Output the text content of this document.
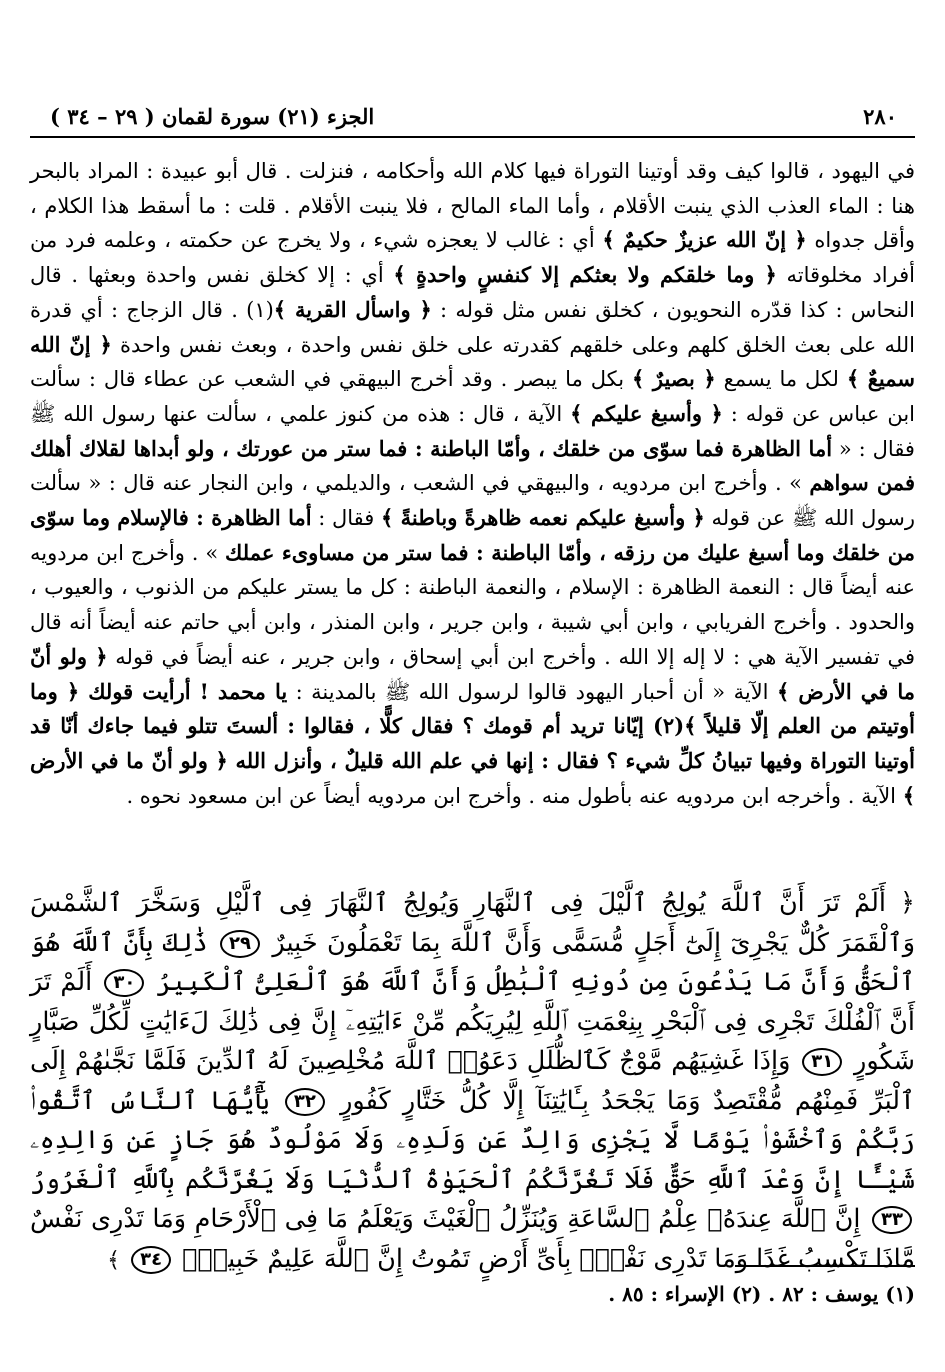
٢٨٠
الجزء (٢١) سورة لقمان ( ٢٩ – ٣٤ )

في اليهود ، قالوا كيف وقد أوتينا التوراة فيها كلام الله وأحكامه ، فنزلت . قال أبو عبيدة : المراد بالبحر هنا : الماء العذب الذي ينبت الأقلام ، وأما الماء المالح ، فلا ينبت الأقلام . قلت : ما أسقط هذا الكلام ، وأقل جدواه ﴿ إنّ الله عزيزٌ حكيمٌ ﴾ أي : غالب لا يعجزه شيء ، ولا يخرج عن حكمته ، وعلمه فرد من أفراد مخلوقاته ﴿ وما خلقكم ولا بعثكم إلا كنفسٍ واحدةٍ ﴾ أي : إلا كخلق نفس واحدة وبعثها . قال النحاس : كذا قدّره النحويون ، كخلق نفس مثل قوله : ﴿ واسأل القرية ﴾(١) . قال الزجاج : أي قدرة الله على بعث الخلق كلهم وعلى خلقهم كقدرته على خلق نفس واحدة ، وبعث نفس واحدة ﴿ إنّ الله سميعٌ ﴾ لكل ما يسمع ﴿ بصيرٌ ﴾ بكل ما يبصر . وقد أخرج البيهقي في الشعب عن عطاء قال : سألت ابن عباس عن قوله : ﴿ وأسبغ عليكم ﴾ الآية ، قال : هذه من كنوز علمي ، سألت عنها رسول الله ﷺ فقال : « أما الظاهرة فما سوّى من خلقك ، وأمّا الباطنة : فما ستر من عورتك ، ولو أبداها لقلاك أهلك فمن سواهم » . وأخرج ابن مردويه ، والبيهقي في الشعب ، والديلمي ، وابن النجار عنه قال : « سألت رسول الله ﷺ عن قوله ﴿ وأسبغ عليكم نعمه ظاهرةً وباطنةً ﴾ فقال : أما الظاهرة : فالإسلام وما سوّى من خلقك وما أسبغ عليك من رزقه ، وأمّا الباطنة : فما ستر من مساوىء عملك » . وأخرج ابن مردويه عنه أيضاً قال : النعمة الظاهرة : الإسلام ، والنعمة الباطنة : كل ما يستر عليكم من الذنوب ، والعيوب ، والحدود . وأخرج الفريابي ، وابن أبي شيبة ، وابن جرير ، وابن المنذر ، وابن أبي حاتم عنه أيضاً أنه قال في تفسير الآية هي : لا إله إلا الله . وأخرج ابن أبي إسحاق ، وابن جرير ، عنه أيضاً في قوله ﴿ ولو أنّ ما في الأرض ﴾ الآية « أن أحبار اليهود قالوا لرسول الله ﷺ بالمدينة : يا محمد ! أرأيت قولك ﴿ وما أوتيتم من العلم إلّا قليلاً ﴾(٢) إيّانا تريد أم قومك ؟ فقال كلًّا ، فقالوا : ألستَ تتلو فيما جاءك أنّا قد أوتينا التوراة وفيها تبيانُ كلِّ شيء ؟ فقال : إنها في علم الله قليلٌ ، وأنزل الله ﴿ ولو أنّ ما في الأرض ﴾ الآية . وأخرجه ابن مردويه عنه بأطول منه . وأخرج ابن مردويه أيضاً عن ابن مسعود نحوه .

﴿ أَلَمْ تَرَ أَنَّ ٱللَّهَ يُولِجُ ٱلَّيْلَ فِى ٱلنَّهَارِ وَيُولِجُ ٱلنَّهَارَ فِى ٱلَّيْلِ وَسَخَّرَ ٱلشَّمْسَ وَٱلْقَمَرَ كُلٌّ يَجْرِىٓ إِلَىٰٓ أَجَلٍ مُّسَمًّى وَأَنَّ ٱللَّهَ بِمَا تَعْمَلُونَ خَبِيرٌ ٢٩ ذَٰلِكَ بِأَنَّ ٱللَّهَ هُوَ ٱلْحَقُّ وَأَنَّ مَا يَدْعُونَ مِن دُونِهِ ٱلْبَٰطِلُ وَأَنَّ ٱللَّهَ هُوَ ٱلْعَلِىُّ ٱلْكَبِيرُ ٣٠ أَلَمْ تَرَ أَنَّ ٱلْفُلْكَ تَجْرِى فِى ٱلْبَحْرِ بِنِعْمَتِ ٱللَّهِ لِيُرِيَكُم مِّنْ ءَايَٰتِهِۦٓ إِنَّ فِى ذَٰلِكَ لَءَايَٰتٍ لِّكُلِّ صَبَّارٍ شَكُورٍ ٣١ وَإِذَا غَشِيَهُم مَّوْجٌ كَٱلظُّلَلِ دَعَوُا۟ ٱللَّهَ مُخْلِصِينَ لَهُ ٱلدِّينَ فَلَمَّا نَجَّىٰهُمْ إِلَى ٱلْبَرِّ فَمِنْهُم مُّقْتَصِدٌ وَمَا يَجْحَدُ بِـَٔايَٰتِنَآ إِلَّا كُلُّ خَتَّارٍ كَفُورٍ ٣٢ يَٰٓأَيُّهَا ٱلنَّاسُ ٱتَّقُوا۟ رَبَّكُمْ وَٱخْشَوْا۟ يَوْمًا لَّا يَجْزِى وَالِدٌ عَن وَلَدِهِۦ وَلَا مَوْلُودٌ هُوَ جَازٍ عَن وَالِدِهِۦ شَيْـًٔا إِنَّ وَعْدَ ٱللَّهِ حَقٌّ فَلَا تَغُرَّنَّكُمُ ٱلْحَيَوٰةُ ٱلدُّنْيَا وَلَا يَغُرَّنَّكُم بِٱللَّهِ ٱلْغَرُورُ ٣٣ إِنَّ ٱللَّهَ عِندَهُۥ عِلْمُ ٱلسَّاعَةِ وَيُنَزِّلُ ٱلْغَيْثَ وَيَعْلَمُ مَا فِى ٱلْأَرْحَامِ وَمَا تَدْرِى نَفْسٌ مَّاذَا تَكْسِبُ غَدًا وَمَا تَدْرِى نَفْسٌۢ بِأَىِّ أَرْضٍ تَمُوتُ إِنَّ ٱللَّهَ عَلِيمٌ خَبِيرٌۢ ٣٤ ﴾

(١) يوسف : ٨٢ . (٢) الإسراء : ٨٥ .
